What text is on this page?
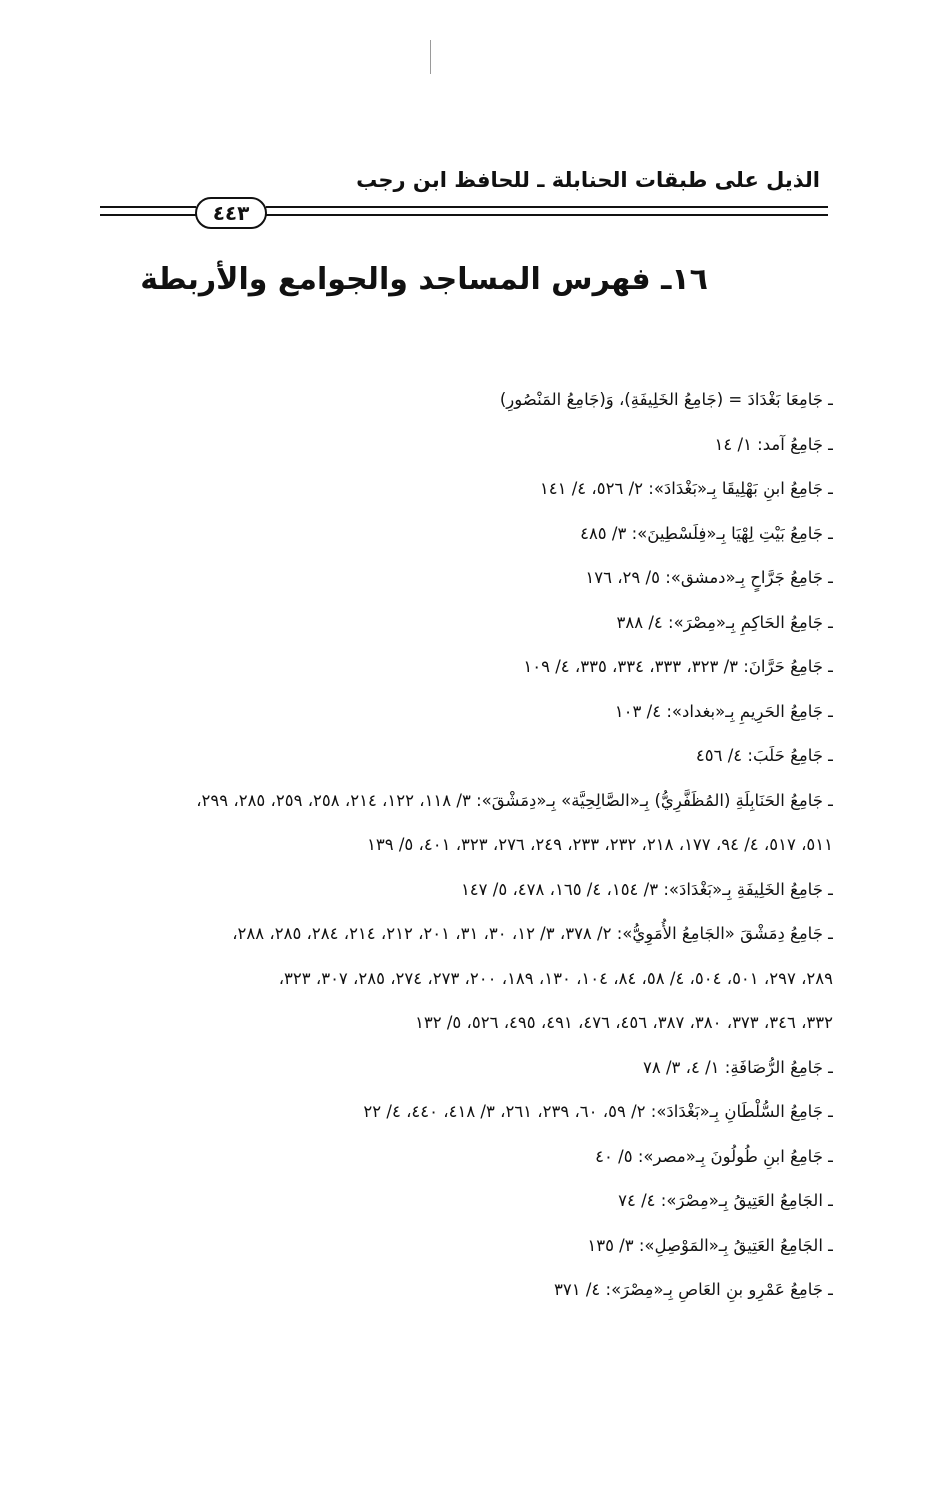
الذيل على طبقات الحنابلة ـ للحافظ ابن رجب
٤٤٣
١٦ـ فهرس المساجد والجوامع والأربطة
ـ جَامِعَا بَغْدَادَ = (جَامِعُ الخَلِيفَةِ)، وَ(جَامِعُ المَنْصُورِ)
ـ جَامِعُ آمد: ١/ ١٤
ـ جَامِعُ ابنِ بَهْلِيقَا بِـ«بَغْدَادَ»: ٢/ ٥٢٦، ٤/ ١٤١
ـ جَامِعُ بَيْتِ لِهْيَا بِـ«فِلَسْطِينَ»: ٣/ ٤٨٥
ـ جَامِعُ جَرَّاحٍ بِـ«دمشق»: ٥/ ٢٩، ١٧٦
ـ جَامِعُ الحَاكِمِ بِـ«مِصْرَ»: ٤/ ٣٨٨
ـ جَامِعُ حَرَّانَ: ٣/ ٣٢٣، ٣٣٣، ٣٣٤، ٣٣٥، ٤/ ١٠٩
ـ جَامِعُ الحَرِيمِ بِـ«بغداد»: ٤/ ١٠٣
ـ جَامِعُ حَلَبَ: ٤/ ٤٥٦
ـ جَامِعُ الحَنَابِلَةِ (المُظَفَّرِيُّ) بِـ«الصَّالِحِيَّة» بِـ«دِمَشْقَ»: ٣/ ١١٨، ١٢٢، ٢١٤، ٢٥٨، ٢٥٩، ٢٨٥، ٢٩٩،
٥١١، ٥١٧، ٤/ ٩٤، ١٧٧، ٢١٨، ٢٣٢، ٢٣٣، ٢٤٩، ٢٧٦، ٣٢٣، ٤٠١، ٥/ ١٣٩
ـ جَامِعُ الخَلِيفَةِ بِـ«بَغْدَادَ»: ٣/ ١٥٤، ٤/ ١٦٥، ٤٧٨، ٥/ ١٤٧
ـ جَامِعُ دِمَشْقَ «الجَامِعُ الأُمَوِيُّ»: ٢/ ٣٧٨، ٣/ ١٢، ٣٠، ٣١، ٢٠١، ٢١٢، ٢١٤، ٢٨٤، ٢٨٥، ٢٨٨،
٢٨٩، ٢٩٧، ٥٠١، ٥٠٤، ٤/ ٥٨، ٨٤، ١٠٤، ١٣٠، ١٨٩، ٢٠٠، ٢٧٣، ٢٧٤، ٢٨٥، ٣٠٧، ٣٢٣،
٣٣٢، ٣٤٦، ٣٧٣، ٣٨٠، ٣٨٧، ٤٥٦، ٤٧٦، ٤٩١، ٤٩٥، ٥٢٦، ٥/ ١٣٢
ـ جَامِعُ الرُّصَافَةِ: ١/ ٤، ٣/ ٧٨
ـ جَامِعُ السُّلْطَانِ بِـ«بَغْدَادَ»: ٢/ ٥٩، ٦٠، ٢٣٩، ٢٦١، ٣/ ٤١٨، ٤٤٠، ٤/ ٢٢
ـ جَامِعُ ابنِ طُولُونَ بِـ«مصر»: ٥/ ٤٠
ـ الجَامِعُ العَتِيقُ بِـ«مِصْرَ»: ٤/ ٧٤
ـ الجَامِعُ العَتِيقُ بِـ«المَوْصِلِ»: ٣/ ١٣٥
ـ جَامِعُ عَمْرِو بنِ العَاصِ بِـ«مِصْرَ»: ٤/ ٣٧١
